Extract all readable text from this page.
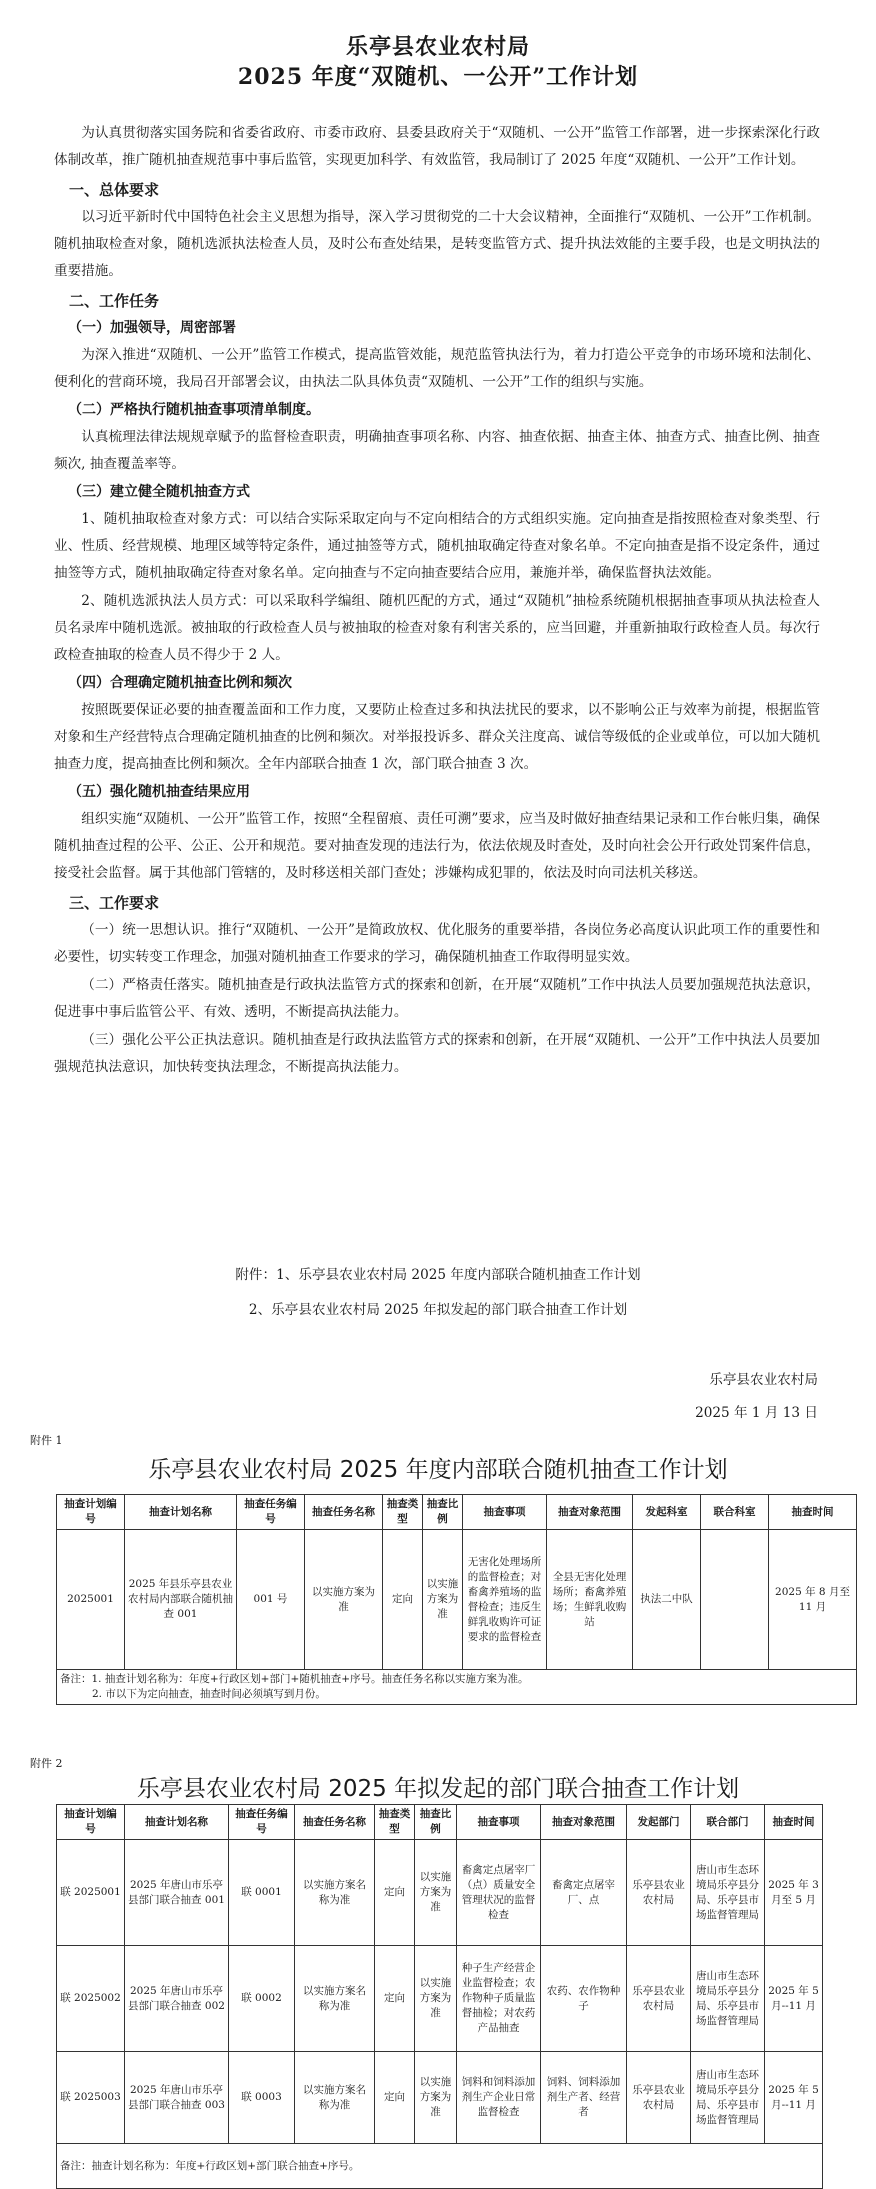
乐亭县农业农村局
2025 年度“双随机、一公开”工作计划

为认真贯彻落实国务院和省委省政府、市委市政府、县委县政府关于“双随机、一公开”监管工作部署，进一步探索深化行政体制改革，推广随机抽查规范事中事后监管，实现更加科学、有效监管，我局制订了 2025 年度“双随机、一公开”工作计划。

一、总体要求

以习近平新时代中国特色社会主义思想为指导，深入学习贯彻党的二十大会议精神，全面推行“双随机、一公开”工作机制。随机抽取检查对象，随机选派执法检查人员，及时公布查处结果，是转变监管方式、提升执法效能的主要手段，也是文明执法的重要措施。

二、工作任务

（一）加强领导，周密部署

为深入推进“双随机、一公开”监管工作模式，提高监管效能，规范监管执法行为，着力打造公平竞争的市场环境和法制化、便利化的营商环境，我局召开部署会议，由执法二队具体负责“双随机、一公开”工作的组织与实施。

（二）严格执行随机抽查事项清单制度。

认真梳理法律法规规章赋予的监督检查职责，明确抽查事项名称、内容、抽查依据、抽查主体、抽查方式、抽查比例、抽查频次, 抽查覆盖率等。

（三）建立健全随机抽查方式

1、随机抽取检查对象方式：可以结合实际采取定向与不定向相结合的方式组织实施。定向抽查是指按照检查对象类型、行业、性质、经营规模、地理区域等特定条件，通过抽签等方式，随机抽取确定待查对象名单。不定向抽查是指不设定条件，通过抽签等方式，随机抽取确定待查对象名单。定向抽查与不定向抽查要结合应用，兼施并举，确保监督执法效能。

2、随机选派执法人员方式：可以采取科学编组、随机匹配的方式，通过“双随机”抽检系统随机根据抽查事项从执法检查人员名录库中随机选派。被抽取的行政检查人员与被抽取的检查对象有利害关系的，应当回避，并重新抽取行政检查人员。每次行政检查抽取的检查人员不得少于 2 人。

（四）合理确定随机抽查比例和频次

按照既要保证必要的抽查覆盖面和工作力度，又要防止检查过多和执法扰民的要求，以不影响公正与效率为前提，根据监管对象和生产经营特点合理确定随机抽查的比例和频次。对举报投诉多、群众关注度高、诚信等级低的企业或单位，可以加大随机抽查力度，提高抽查比例和频次。全年内部联合抽查 1 次，部门联合抽查 3 次。

（五）强化随机抽查结果应用

组织实施“双随机、一公开”监管工作，按照“全程留痕、责任可溯”要求，应当及时做好抽查结果记录和工作台帐归集，确保随机抽查过程的公平、公正、公开和规范。要对抽查发现的违法行为，依法依规及时查处，及时向社会公开行政处罚案件信息，接受社会监督。属于其他部门管辖的，及时移送相关部门查处；涉嫌构成犯罪的，依法及时向司法机关移送。

三、工作要求

（一）统一思想认识。推行“双随机、一公开”是简政放权、优化服务的重要举措，各岗位务必高度认识此项工作的重要性和必要性，切实转变工作理念，加强对随机抽查工作要求的学习，确保随机抽查工作取得明显实效。

（二）严格责任落实。随机抽查是行政执法监管方式的探索和创新，在开展“双随机”工作中执法人员要加强规范执法意识，促进事中事后监管公平、有效、透明，不断提高执法能力。

（三）强化公平公正执法意识。随机抽查是行政执法监管方式的探索和创新，在开展“双随机、一公开”工作中执法人员要加强规范执法意识，加快转变执法理念，不断提高执法能力。

附件：1、乐亭县农业农村局 2025 年度内部联合随机抽查工作计划
2、乐亭县农业农村局 2025 年拟发起的部门联合抽查工作计划
乐亭县农业农村局
2025 年 1 月 13 日
附件 1
乐亭县农业农村局 2025 年度内部联合随机抽查工作计划
抽查计划编号	抽查计划名称	抽查任务编号	抽查任务名称	抽查类型	抽查比例	抽查事项	抽查对象范围	发起科室	联合科室	抽查时间
2025001	2025 年县乐亭县农业农村局内部联合随机抽查 001	001 号	以实施方案为准	定向	以实施方案为准	无害化处理场所的监督检查；对畜禽养殖场的监督检查；违反生鲜乳收购许可证要求的监督检查	全县无害化处理场所；畜禽养殖场；生鲜乳收购站	执法二中队		2025 年 8 月至 11 月
备注：1. 抽查计划名称为：年度+行政区划+部门+随机抽查+序号。抽查任务名称以实施方案为准。
2. 市以下为定向抽查，抽查时间必须填写到月份。										
附件 2
乐亭县农业农村局 2025 年拟发起的部门联合抽查工作计划
抽查计划编号	抽查计划名称	抽查任务编号	抽查任务名称	抽查类型	抽查比例	抽查事项	抽查对象范围	发起部门	联合部门	抽查时间
联 2025001	2025 年唐山市乐亭县部门联合抽查 001	联 0001	以实施方案名称为准	定向	以实施方案为准	畜禽定点屠宰厂（点）质量安全管理状况的监督检查	畜禽定点屠宰厂、点	乐亭县农业农村局	唐山市生态环境局乐亭县分局、乐亭县市场监督管理局	2025 年 3 月至 5 月
联 2025002	2025 年唐山市乐亭县部门联合抽查 002	联 0002	以实施方案名称为准	定向	以实施方案为准	种子生产经营企业监督检查；农作物种子质量监督抽检；对农药产品抽查	农药、农作物种子	乐亭县农业农村局	唐山市生态环境局乐亭县分局、乐亭县市场监督管理局	2025 年 5 月--11 月
联 2025003	2025 年唐山市乐亭县部门联合抽查 003	联 0003	以实施方案名称为准	定向	以实施方案为准	饲料和饲料添加剂生产企业日常监督检查	饲料、饲料添加剂生产者、经营者	乐亭县农业农村局	唐山市生态环境局乐亭县分局、乐亭县市场监督管理局	2025 年 5 月--11 月
备注：抽查计划名称为：年度+行政区划+部门联合抽查+序号。										
